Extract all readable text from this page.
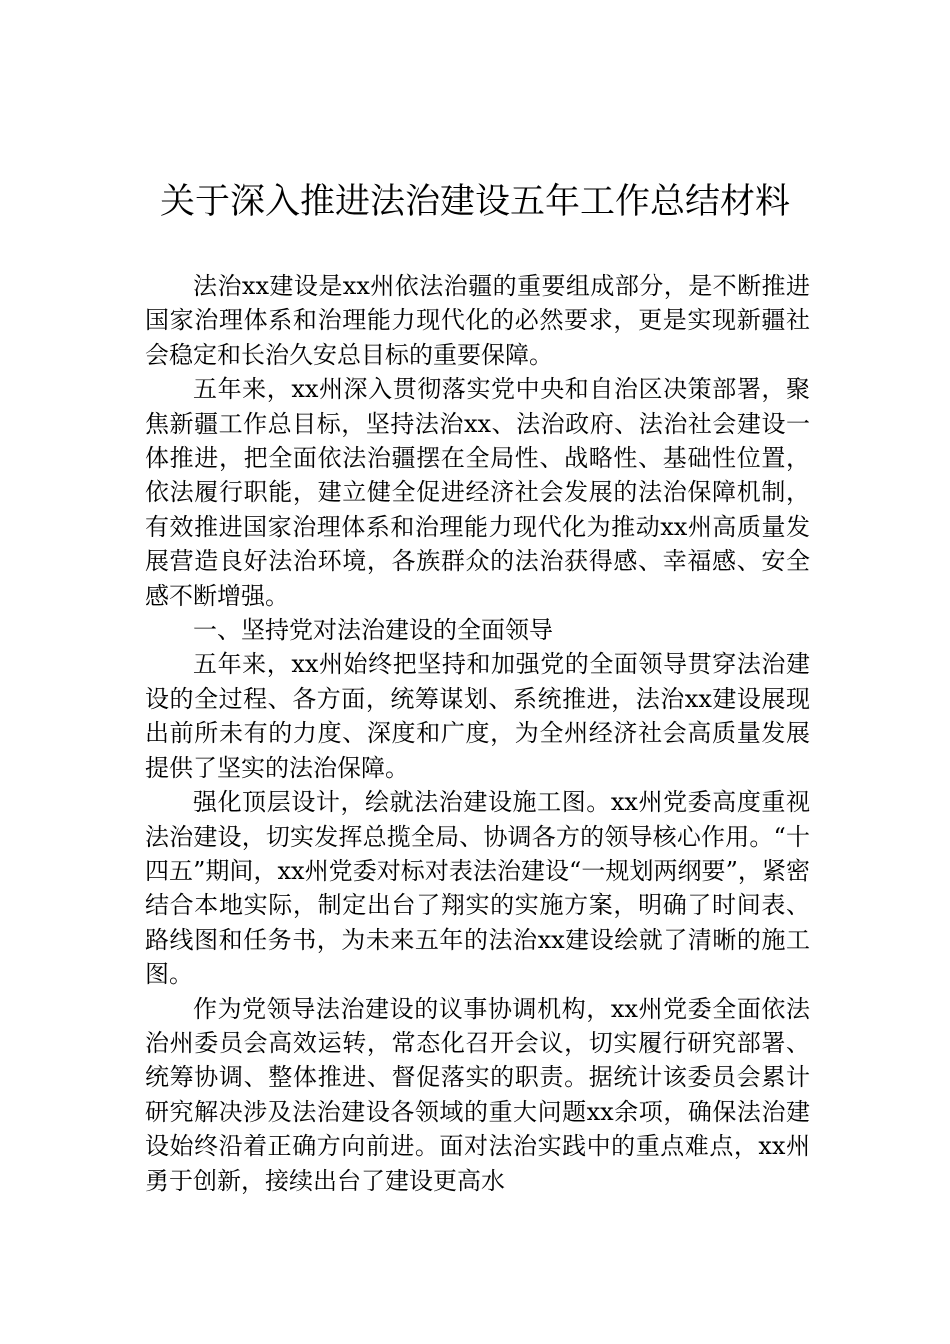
关于深入推进法治建设五年工作总结材料

法治xx建设是xx州依法治疆的重要组成部分，是不断推进国家治理体系和治理能力现代化的必然要求，更是实现新疆社会稳定和长治久安总目标的重要保障。

五年来，xx州深入贯彻落实党中央和自治区决策部署，聚焦新疆工作总目标，坚持法治xx、法治政府、法治社会建设一体推进，把全面依法治疆摆在全局性、战略性、基础性位置，依法履行职能，建立健全促进经济社会发展的法治保障机制，有效推进国家治理体系和治理能力现代化为推动xx州高质量发展营造良好法治环境，各族群众的法治获得感、幸福感、安全感不断增强。

一、坚持党对法治建设的全面领导

五年来，xx州始终把坚持和加强党的全面领导贯穿法治建设的全过程、各方面，统筹谋划、系统推进，法治xx建设展现出前所未有的力度、深度和广度，为全州经济社会高质量发展提供了坚实的法治保障。

强化顶层设计，绘就法治建设施工图。xx州党委高度重视法治建设，切实发挥总揽全局、协调各方的领导核心作用。“十四五”期间，xx州党委对标对表法治建设“一规划两纲要”，紧密结合本地实际，制定出台了翔实的实施方案，明确了时间表、路线图和任务书，为未来五年的法治xx建设绘就了清晰的施工图。

作为党领导法治建设的议事协调机构，xx州党委全面依法治州委员会高效运转，常态化召开会议，切实履行研究部署、统筹协调、整体推进、督促落实的职责。据统计该委员会累计研究解决涉及法治建设各领域的重大问题xx余项，确保法治建设始终沿着正确方向前进。面对法治实践中的重点难点，xx州勇于创新，接续出台了建设更高水
